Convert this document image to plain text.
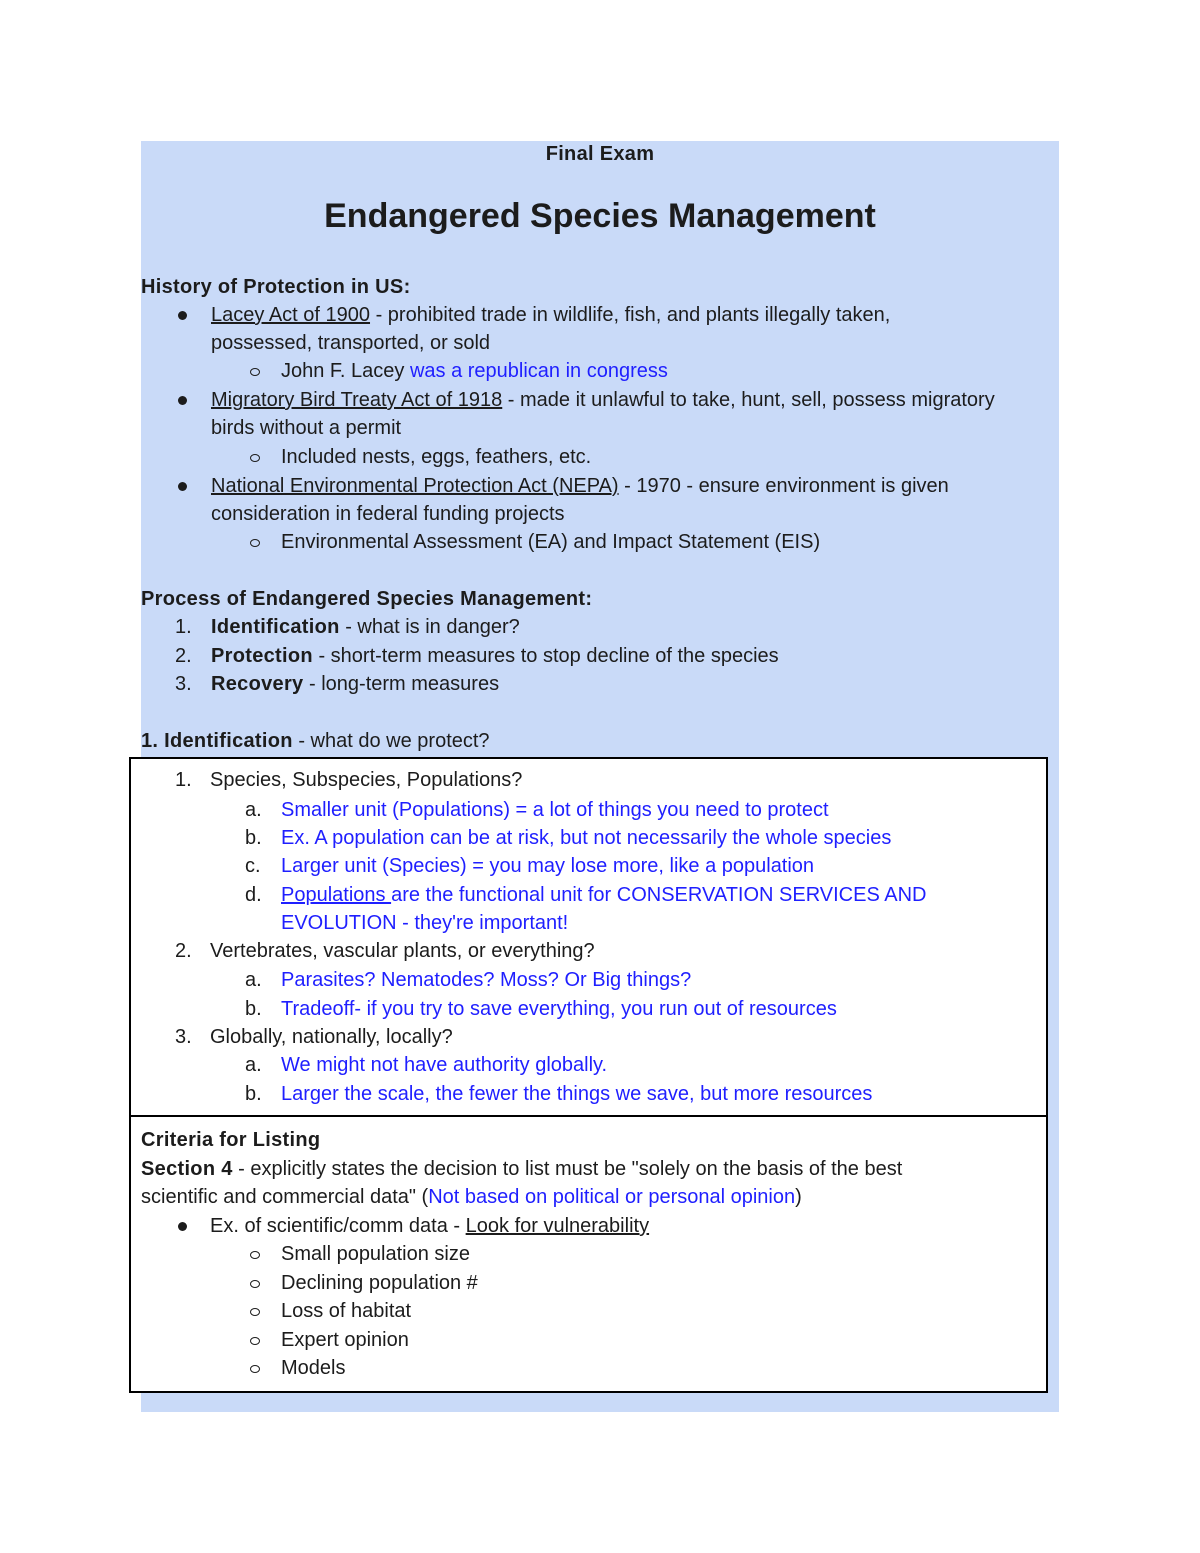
Final Exam
Endangered Species Management
History of Protection in US:
Lacey Act of 1900 - prohibited trade in wildlife, fish, and plants illegally taken,
possessed, transported, or sold
John F. Lacey was a republican in congress
Migratory Bird Treaty Act of 1918 - made it unlawful to take, hunt, sell, possess migratory
birds without a permit
Included nests, eggs, feathers, etc.
National Environmental Protection Act (NEPA) - 1970 - ensure environment is given
consideration in federal funding projects
Environmental Assessment (EA) and Impact Statement (EIS)
Process of Endangered Species Management:
1. Identification - what is in danger?
2. Protection - short-term measures to stop decline of the species
3. Recovery - long-term measures
1. Identification - what do we protect?
1. Species, Subspecies, Populations?
a. Smaller unit (Populations) = a lot of things you need to protect
b. Ex. A population can be at risk, but not necessarily the whole species
c. Larger unit (Species) = you may lose more, like a population
d. Populations are the functional unit for CONSERVATION SERVICES AND
EVOLUTION - they're important!
2. Vertebrates, vascular plants, or everything?
a. Parasites? Nematodes? Moss? Or Big things?
b. Tradeoff- if you try to save everything, you run out of resources
3. Globally, nationally, locally?
a. We might not have authority globally.
b. Larger the scale, the fewer the things we save, but more resources
Criteria for Listing
Section 4 - explicitly states the decision to list must be "solely on the basis of the best
scientific and commercial data" (Not based on political or personal opinion)
Ex. of scientific/comm data - Look for vulnerability
Small population size
Declining population #
Loss of habitat
Expert opinion
Models
